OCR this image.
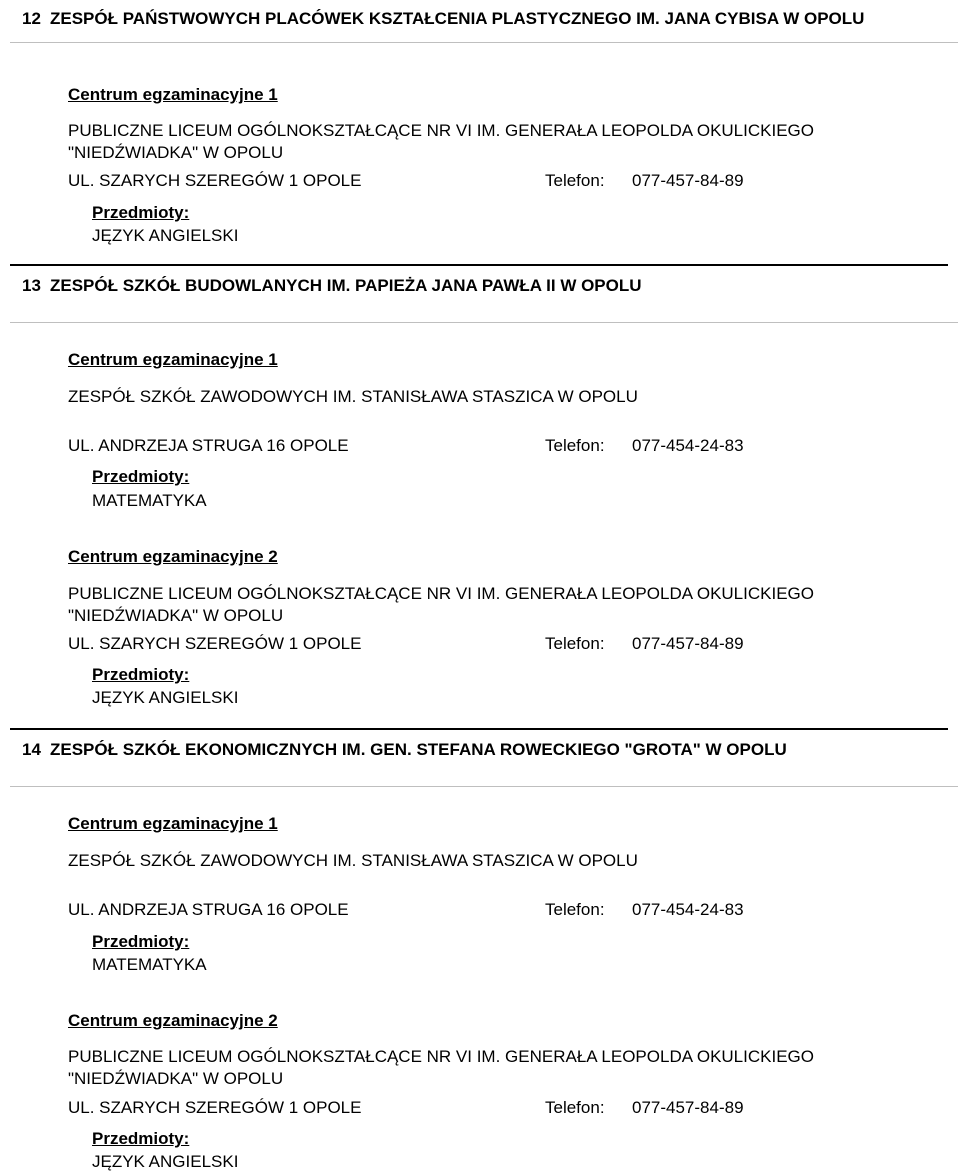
12 ZESPÓŁ PAŃSTWOWYCH PLACÓWEK KSZTAŁCENIA PLASTYCZNEGO IM. JANA CYBISA W OPOLU
Centrum egzaminacyjne 1
PUBLICZNE LICEUM OGÓLNOKSZTAŁCĄCE NR VI IM. GENERAŁA LEOPOLDA OKULICKIEGO
"NIEDŹWIADKA" W OPOLU
UL. SZARYCH SZEREGÓW 1 OPOLE	Telefon: 077-457-84-89
Przedmioty:
JĘZYK ANGIELSKI
13 ZESPÓŁ SZKÓŁ BUDOWLANYCH IM. PAPIEŻA JANA PAWŁA II W OPOLU
Centrum egzaminacyjne 1
ZESPÓŁ SZKÓŁ ZAWODOWYCH IM. STANISŁAWA STASZICA W OPOLU
UL. ANDRZEJA STRUGA 16 OPOLE	Telefon: 077-454-24-83
Przedmioty:
MATEMATYKA
Centrum egzaminacyjne 2
PUBLICZNE LICEUM OGÓLNOKSZTAŁCĄCE NR VI IM. GENERAŁA LEOPOLDA OKULICKIEGO
"NIEDŹWIADKA" W OPOLU
UL. SZARYCH SZEREGÓW 1 OPOLE	Telefon: 077-457-84-89
Przedmioty:
JĘZYK ANGIELSKI
14 ZESPÓŁ SZKÓŁ EKONOMICZNYCH IM. GEN. STEFANA ROWECKIEGO "GROTA" W OPOLU
Centrum egzaminacyjne 1
ZESPÓŁ SZKÓŁ ZAWODOWYCH IM. STANISŁAWA STASZICA W OPOLU
UL. ANDRZEJA STRUGA 16 OPOLE	Telefon: 077-454-24-83
Przedmioty:
MATEMATYKA
Centrum egzaminacyjne 2
PUBLICZNE LICEUM OGÓLNOKSZTAŁCĄCE NR VI IM. GENERAŁA LEOPOLDA OKULICKIEGO
"NIEDŹWIADKA" W OPOLU
UL. SZARYCH SZEREGÓW 1 OPOLE	Telefon: 077-457-84-89
Przedmioty:
JĘZYK ANGIELSKI
